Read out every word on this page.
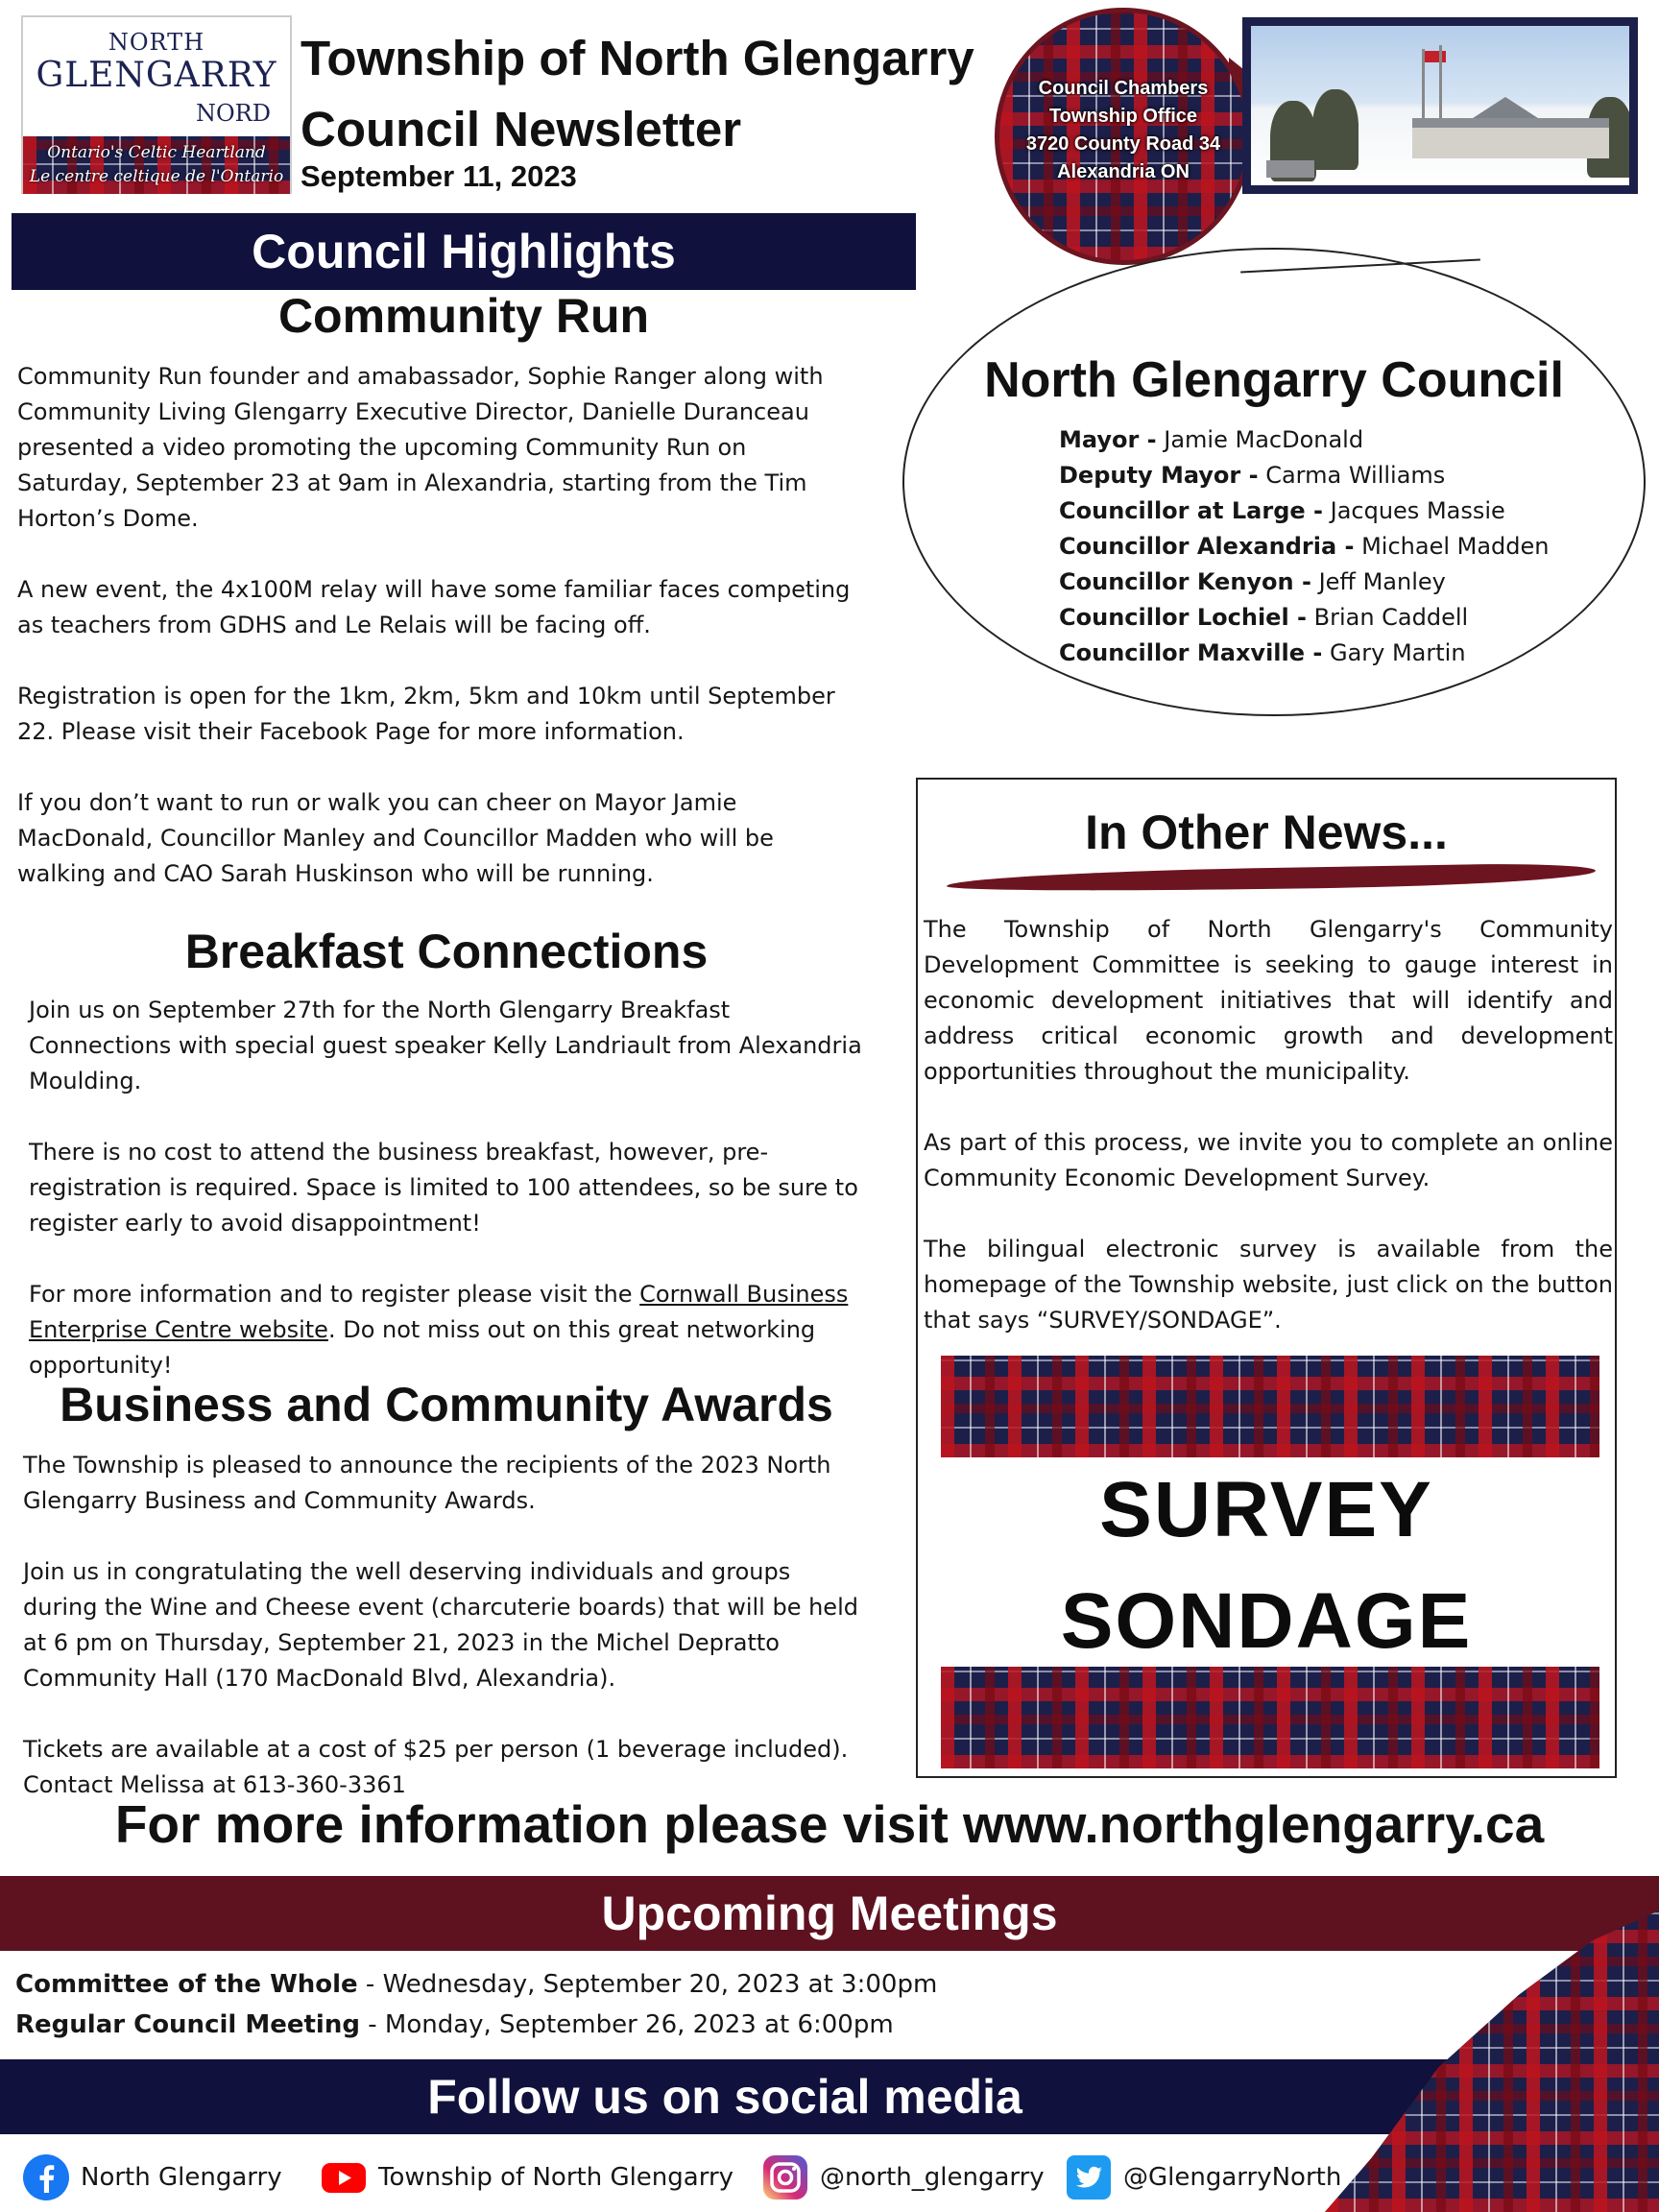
NORTH
GLENGARRY
NORD
Ontario's Celtic Heartland
Le centre celtique de l'Ontario
Township of North Glengarry
Council Newsletter
September 11, 2023
Council Chambers
Township Office
3720 County Road 34
Alexandria ON
Council Highlights
Community Run

Community Run founder and amabassador, Sophie Ranger along with Community Living Glengarry Executive Director, Danielle Duranceau presented a video promoting the upcoming Community Run on Saturday, September 23 at 9am in Alexandria, starting from the Tim Horton’s Dome.

A new event, the 4x100M relay will have some familiar faces competing as teachers from GDHS and Le Relais will be facing off.

Registration is open for the 1km, 2km, 5km and 10km until September 22. Please visit their Facebook Page for more information.

If you don’t want to run or walk you can cheer on Mayor Jamie MacDonald, Councillor Manley and Councillor Madden who will be walking and CAO Sarah Huskinson who will be running.

Breakfast Connections

Join us on September 27th for the North Glengarry Breakfast Connections with special guest speaker Kelly Landriault from Alexandria Moulding.

There is no cost to attend the business breakfast, however, pre-registration is required. Space is limited to 100 attendees, so be sure to register early to avoid disappointment!

For more information and to register please visit the Cornwall Business Enterprise Centre website. Do not miss out on this great networking opportunity!

Business and Community Awards

The Township is pleased to announce the recipients of the 2023 North Glengarry Business and Community Awards.

Join us in congratulating the well deserving individuals and groups during the Wine and Cheese event (charcuterie boards) that will be held at 6 pm on Thursday, September 21, 2023 in the Michel Depratto Community Hall (170 MacDonald Blvd, Alexandria).

Tickets are available at a cost of $25 per person (1 beverage included). Contact Melissa at 613-360-3361

North Glengarry Council
Mayor - Jamie MacDonald
Deputy Mayor - Carma Williams
Councillor at Large - Jacques Massie
Councillor Alexandria - Michael Madden
Councillor Kenyon - Jeff Manley
Councillor Lochiel - Brian Caddell
Councillor Maxville - Gary Martin
In Other News...

The Township of North Glengarry's Community Development Committee is seeking to gauge interest in economic development initiatives that will identify and address critical economic growth and development opportunities throughout the municipality.

As part of this process, we invite you to complete an online Community Economic Development Survey.

The bilingual electronic survey is available from the homepage of the Township website, just click on the button that says “SURVEY/SONDAGE”.

SURVEY
SONDAGE
For more information please visit www.northglengarry.ca
Upcoming Meetings
Committee of the Whole - Wednesday, September 20, 2023 at 3:00pm
Regular Council Meeting - Monday, September 26, 2023 at 6:00pm
Follow us on social media
North Glengarry	Township of North Glengarry	@north_glengarry	@GlengarryNorth
